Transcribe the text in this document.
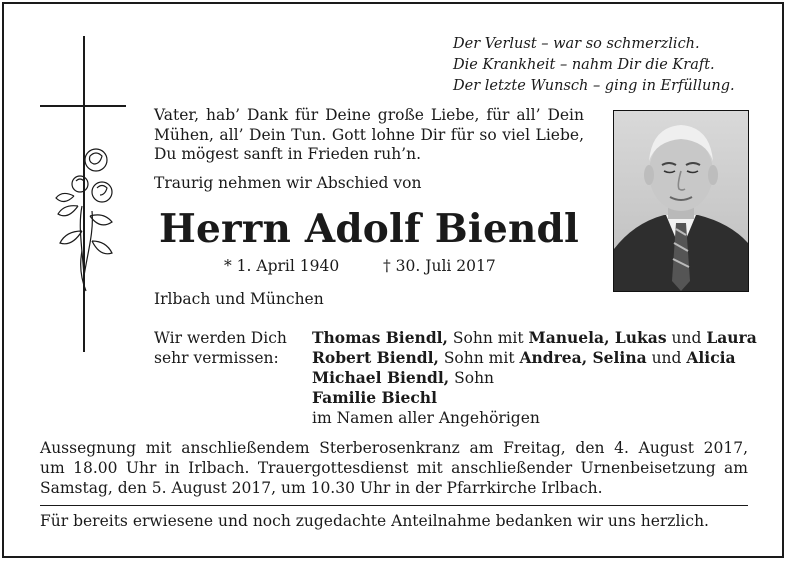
Der Verlust – war so schmerzlich.
Die Krankheit – nahm Dir die Kraft.
Der letzte Wunsch – ging in Erfüllung.
Vater, hab’ Dank für Deine große Liebe, für all’ Dein Mühen, all’ Dein Tun. Gott lohne Dir für so viel Liebe, Du mögest sanft in Frieden ruh’n.
Traurig nehmen wir Abschied von
Herrn Adolf Biendl
* 1. April 1940	† 30. Juli 2017
Irlbach und München
Wir werden Dich
sehr vermissen:
Thomas Biendl, Sohn mit Manuela, Lukas und Laura
Robert Biendl, Sohn mit Andrea, Selina und Alicia
Michael Biendl, Sohn
Familie Biechl
im Namen aller Angehörigen
Aussegnung mit anschließendem Sterberosenkranz am Freitag, den 4. August 2017,
um 18.00 Uhr in Irlbach. Trauergottesdienst mit anschließender Urnenbeisetzung am
Samstag, den 5. August 2017, um 10.30 Uhr in der Pfarrkirche Irlbach.
Für bereits erwiesene und noch zugedachte Anteilnahme bedanken wir uns herzlich.
